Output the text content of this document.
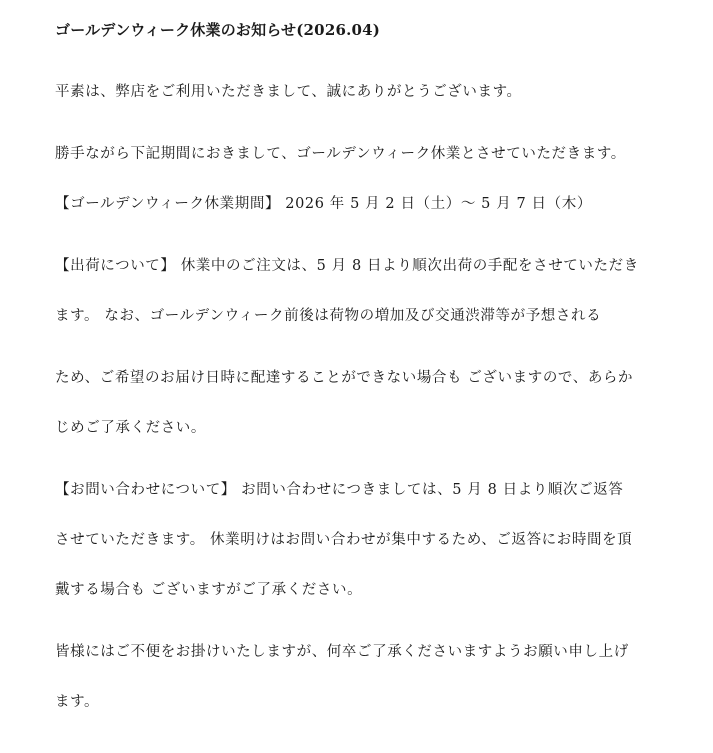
ゴールデンウィーク休業のお知らせ(2026.04)
平素は、弊店をご利用いただきまして、誠にありがとうございます。
勝手ながら下記期間におきまして、ゴールデンウィーク休業とさせていただきます。
【ゴールデンウィーク休業期間】 2026 年 5 月 2 日（土）～ 5 月 7 日（木）
【出荷について】 休業中のご注文は、5 月 8 日より順次出荷の手配をさせていただき
ます。 なお、ゴールデンウィーク前後は荷物の増加及び交通渋滞等が予想される
ため、ご希望のお届け日時に配達することができない場合も ございますので、あらか
じめご了承ください。
【お問い合わせについて】 お問い合わせにつきましては、5 月 8 日より順次ご返答
させていただきます。 休業明けはお問い合わせが集中するため、ご返答にお時間を頂
戴する場合も ございますがご了承ください。
皆様にはご不便をお掛けいたしますが、何卒ご了承くださいますようお願い申し上げ
ます。
